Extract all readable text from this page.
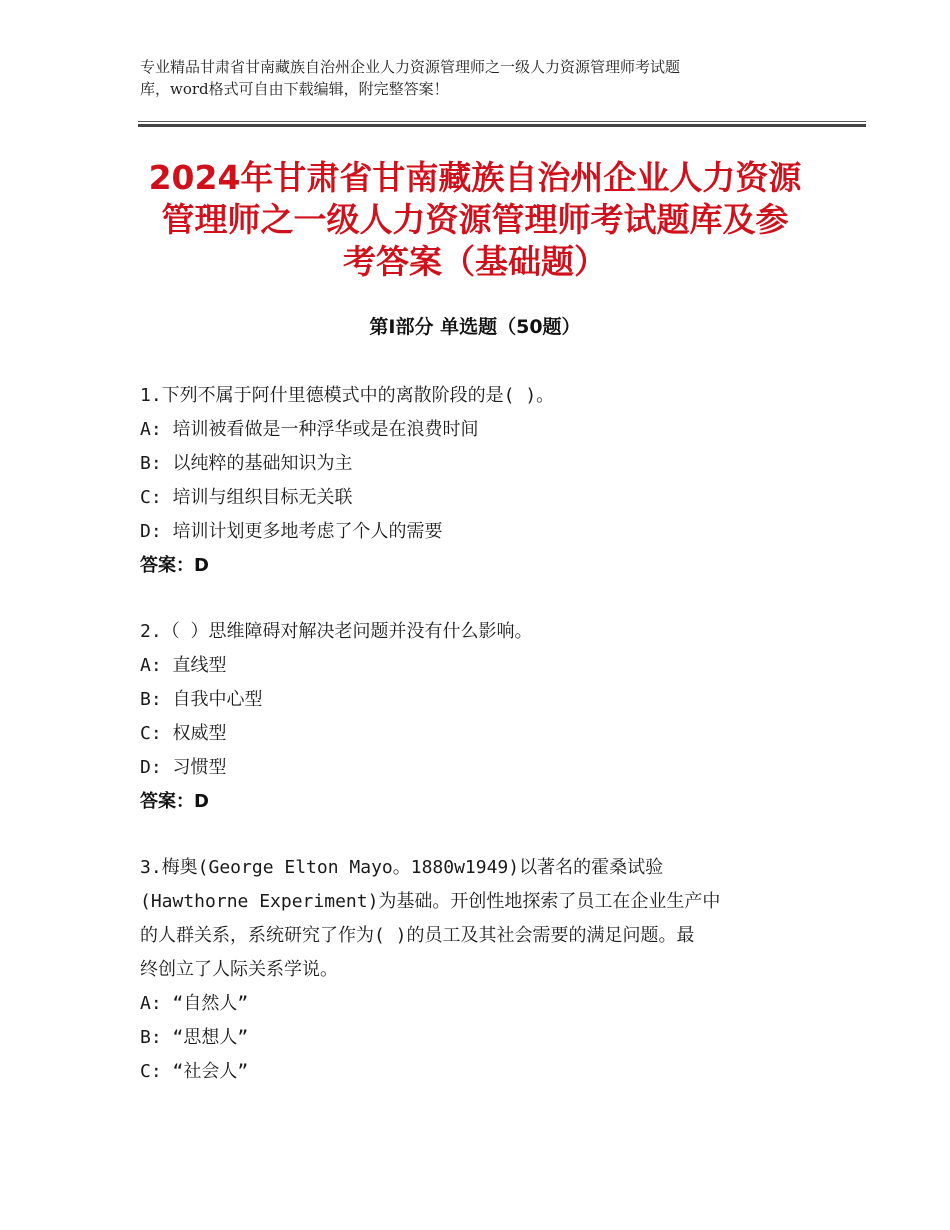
专业精品甘肃省甘南藏族自治州企业人力资源管理师之一级人力资源管理师考试题
库，word格式可自由下载编辑，附完整答案！
2024年甘肃省甘南藏族自治州企业人力资源
管理师之一级人力资源管理师考试题库及参
考答案（基础题）
第Ⅰ部分 单选题（50题）
1.下列不属于阿什里德模式中的离散阶段的是( )。
A: 培训被看做是一种浮华或是在浪费时间
B: 以纯粹的基础知识为主
C: 培训与组织目标无关联
D: 培训计划更多地考虑了个人的需要
答案：D
2.（ ）思维障碍对解决老问题并没有什么影响。
A: 直线型
B: 自我中心型
C: 权威型
D: 习惯型
答案：D
3.梅奥(George Elton Mayo。1880w1949)以著名的霍桑试验
(Hawthorne Experiment)为基础。开创性地探索了员工在企业生产中
的人群关系，系统研究了作为( )的员工及其社会需要的满足问题。最
终创立了人际关系学说。
A: “自然人”
B: “思想人”
C: “社会人”
